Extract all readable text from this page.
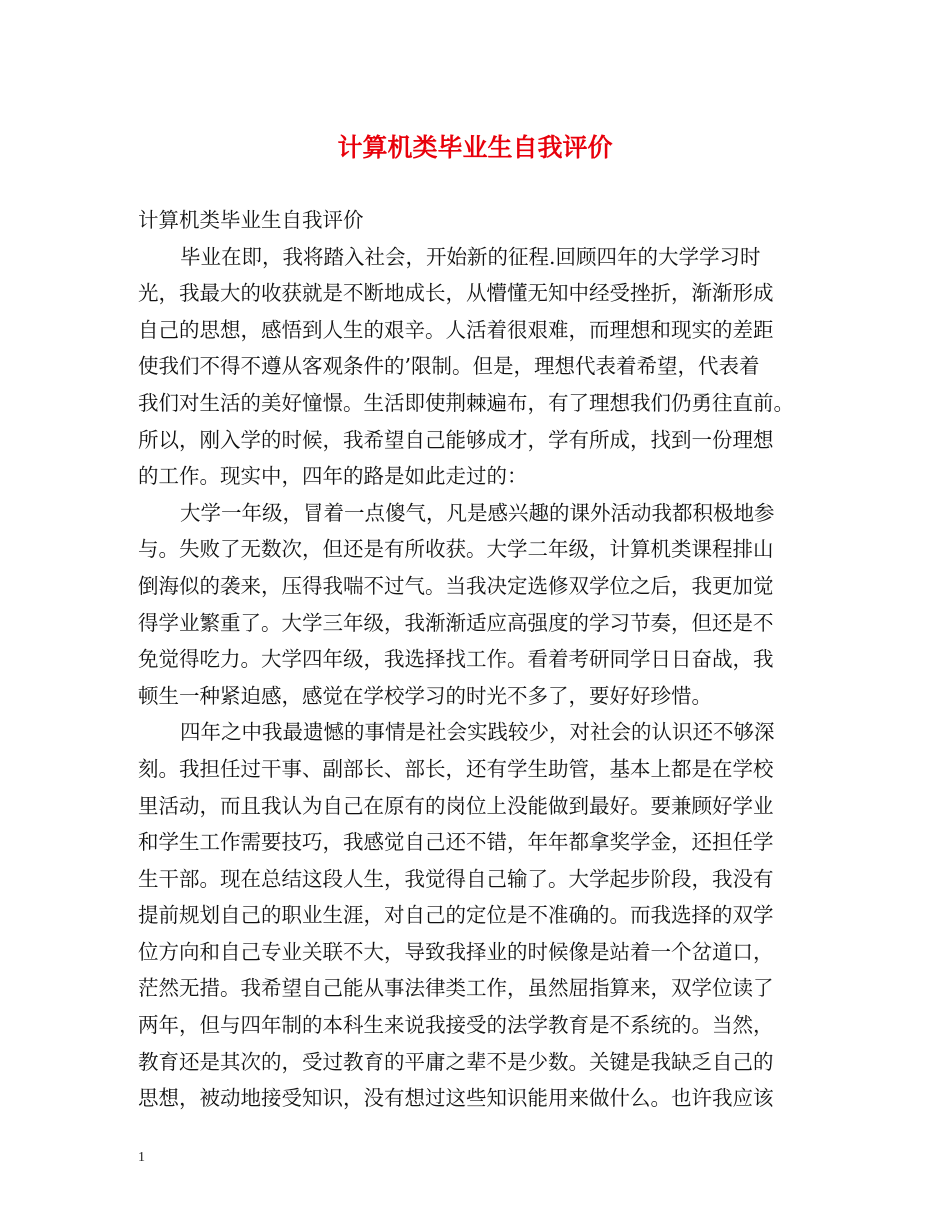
计算机类毕业生自我评价

计算机类毕业生自我评价

毕业在即，我将踏入社会，开始新的征程.回顾四年的大学学习时

光，我最大的收获就是不断地成长，从懵懂无知中经受挫折，渐渐形成

自己的思想，感悟到人生的艰辛。人活着很艰难，而理想和现实的差距

使我们不得不遵从客观条件的’限制。但是，理想代表着希望，代表着

我们对生活的美好憧憬。生活即使荆棘遍布，有了理想我们仍勇往直前。

所以，刚入学的时候，我希望自己能够成才，学有所成，找到一份理想

的工作。现实中，四年的路是如此走过的：

大学一年级，冒着一点傻气，凡是感兴趣的课外活动我都积极地参

与。失败了无数次，但还是有所收获。大学二年级，计算机类课程排山

倒海似的袭来，压得我喘不过气。当我决定选修双学位之后，我更加觉

得学业繁重了。大学三年级，我渐渐适应高强度的学习节奏，但还是不

免觉得吃力。大学四年级，我选择找工作。看着考研同学日日奋战，我

顿生一种紧迫感，感觉在学校学习的时光不多了，要好好珍惜。

四年之中我最遗憾的事情是社会实践较少，对社会的认识还不够深

刻。我担任过干事、副部长、部长，还有学生助管，基本上都是在学校

里活动，而且我认为自己在原有的岗位上没能做到最好。要兼顾好学业

和学生工作需要技巧，我感觉自己还不错，年年都拿奖学金，还担任学

生干部。现在总结这段人生，我觉得自己输了。大学起步阶段，我没有

提前规划自己的职业生涯，对自己的定位是不准确的。而我选择的双学

位方向和自己专业关联不大，导致我择业的时候像是站着一个岔道口，

茫然无措。我希望自己能从事法律类工作，虽然屈指算来，双学位读了

两年，但与四年制的本科生来说我接受的法学教育是不系统的。当然，

教育还是其次的，受过教育的平庸之辈不是少数。关键是我缺乏自己的

思想，被动地接受知识，没有想过这些知识能用来做什么。也许我应该

1
